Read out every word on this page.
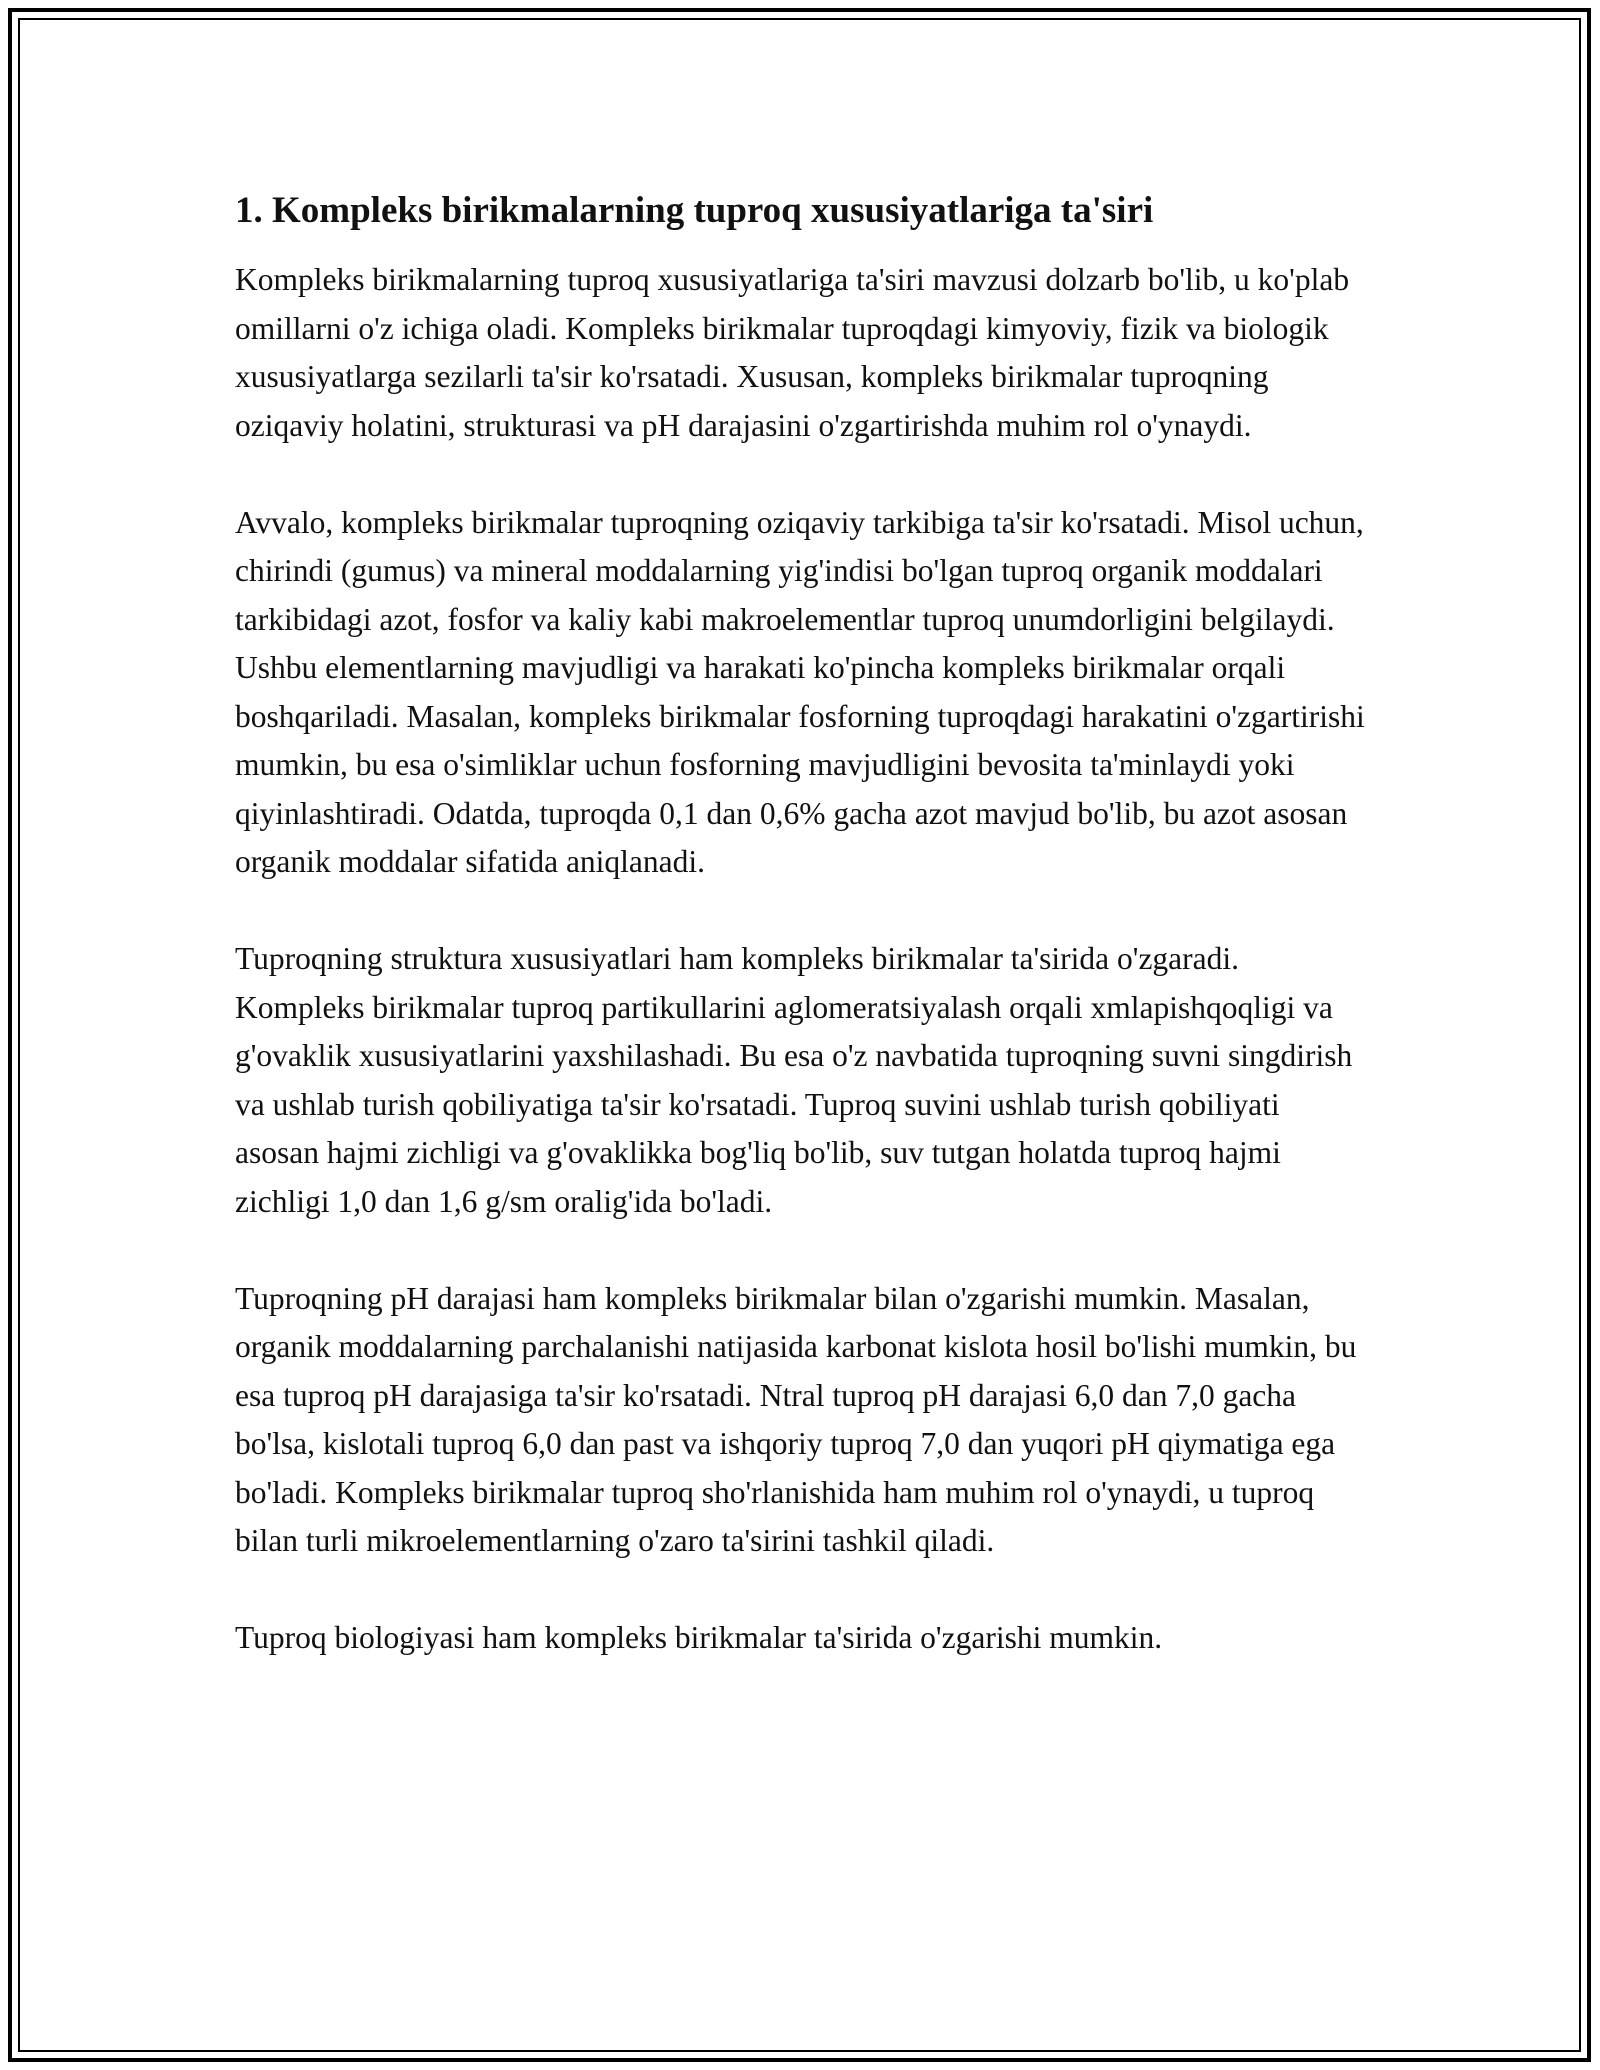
1. Kompleks birikmalarning tuproq xususiyatlariga ta'siri

Kompleks birikmalarning tuproq xususiyatlariga ta'siri mavzusi dolzarb bo'lib, u ko'plab omillarni o'z ichiga oladi. Kompleks birikmalar tuproqdagi kimyoviy, fizik va biologik xususiyatlarga sezilarli ta'sir ko'rsatadi. Xususan, kompleks birikmalar tuproqning oziqaviy holatini, strukturasi va pH darajasini o'zgartirishda muhim rol o'ynaydi.

Avvalo, kompleks birikmalar tuproqning oziqaviy tarkibiga ta'sir ko'rsatadi. Misol uchun, chirindi (gumus) va mineral moddalarning yig'indisi bo'lgan tuproq organik moddalari tarkibidagi azot, fosfor va kaliy kabi makroelementlar tuproq unumdorligini belgilaydi. Ushbu elementlarning mavjudligi va harakati ko'pincha kompleks birikmalar orqali boshqariladi. Masalan, kompleks birikmalar fosforning tuproqdagi harakatini o'zgartirishi mumkin, bu esa o'simliklar uchun fosforning mavjudligini bevosita ta'minlaydi yoki qiyinlashtiradi. Odatda, tuproqda 0,1 dan 0,6% gacha azot mavjud bo'lib, bu azot asosan organik moddalar sifatida aniqlanadi.

Tuproqning struktura xususiyatlari ham kompleks birikmalar ta'sirida o'zgaradi. Kompleks birikmalar tuproq partikullarini aglomeratsiyalash orqali xmlapishqoqligi va g'ovaklik xususiyatlarini yaxshilashadi. Bu esa o'z navbatida tuproqning suvni singdirish va ushlab turish qobiliyatiga ta'sir ko'rsatadi. Tuproq suvini ushlab turish qobiliyati asosan hajmi zichligi va g'ovaklikka bog'liq bo'lib, suv tutgan holatda tuproq hajmi zichligi 1,0 dan 1,6 g/sm oralig'ida bo'ladi.

Tuproqning pH darajasi ham kompleks birikmalar bilan o'zgarishi mumkin. Masalan, organik moddalarning parchalanishi natijasida karbonat kislota hosil bo'lishi mumkin, bu esa tuproq pH darajasiga ta'sir ko'rsatadi. Ntral tuproq pH darajasi 6,0 dan 7,0 gacha bo'lsa, kislotali tuproq 6,0 dan past va ishqoriy tuproq 7,0 dan yuqori pH qiymatiga ega bo'ladi. Kompleks birikmalar tuproq sho'rlanishida ham muhim rol o'ynaydi, u tuproq bilan turli mikroelementlarning o'zaro ta'sirini tashkil qiladi.

Tuproq biologiyasi ham kompleks birikmalar ta'sirida o'zgarishi mumkin.
